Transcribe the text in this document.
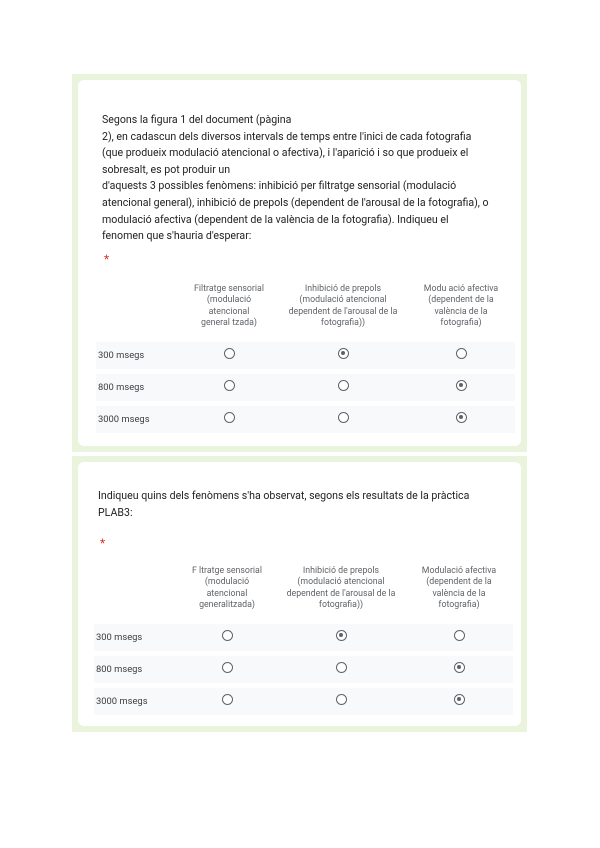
Segons la figura 1 del document (pàgina
2), en cadascun dels diversos intervals de temps entre l'inici de cada fotografia
(que produeix modulació atencional o afectiva), i l'aparició i so que produeix el
sobresalt, es pot produir un
d'aquests 3 possibles fenòmens: inhibició per filtratge sensorial (modulació
atencional general), inhibició de prepols (dependent de l'arousal de la fotografia), o
modulació afectiva (dependent de la valència de la fotografia). Indiqueu el
fenomen que s'hauria d'esperar:
*
Filtratge sensorial
(modulació
atencional
general tzada)
Inhibició de prepols
(modulació atencional
dependent de l'arousal de la
fotografia))
Modu ació afectiva
(dependent de la
valència de la
fotografia)
300 msegs
800 msegs
3000 msegs
Indiqueu quins dels fenòmens s'ha observat, segons els resultats de la pràctica
PLAB3:
*
F ltratge sensorial
(modulació
atencional
generalitzada)
Inhibició de prepols
(modulació atencional
dependent de l'arousal de la
fotografia))
Modulació afectiva
(dependent de la
valència de la
fotografia)
300 msegs
800 msegs
3000 msegs
